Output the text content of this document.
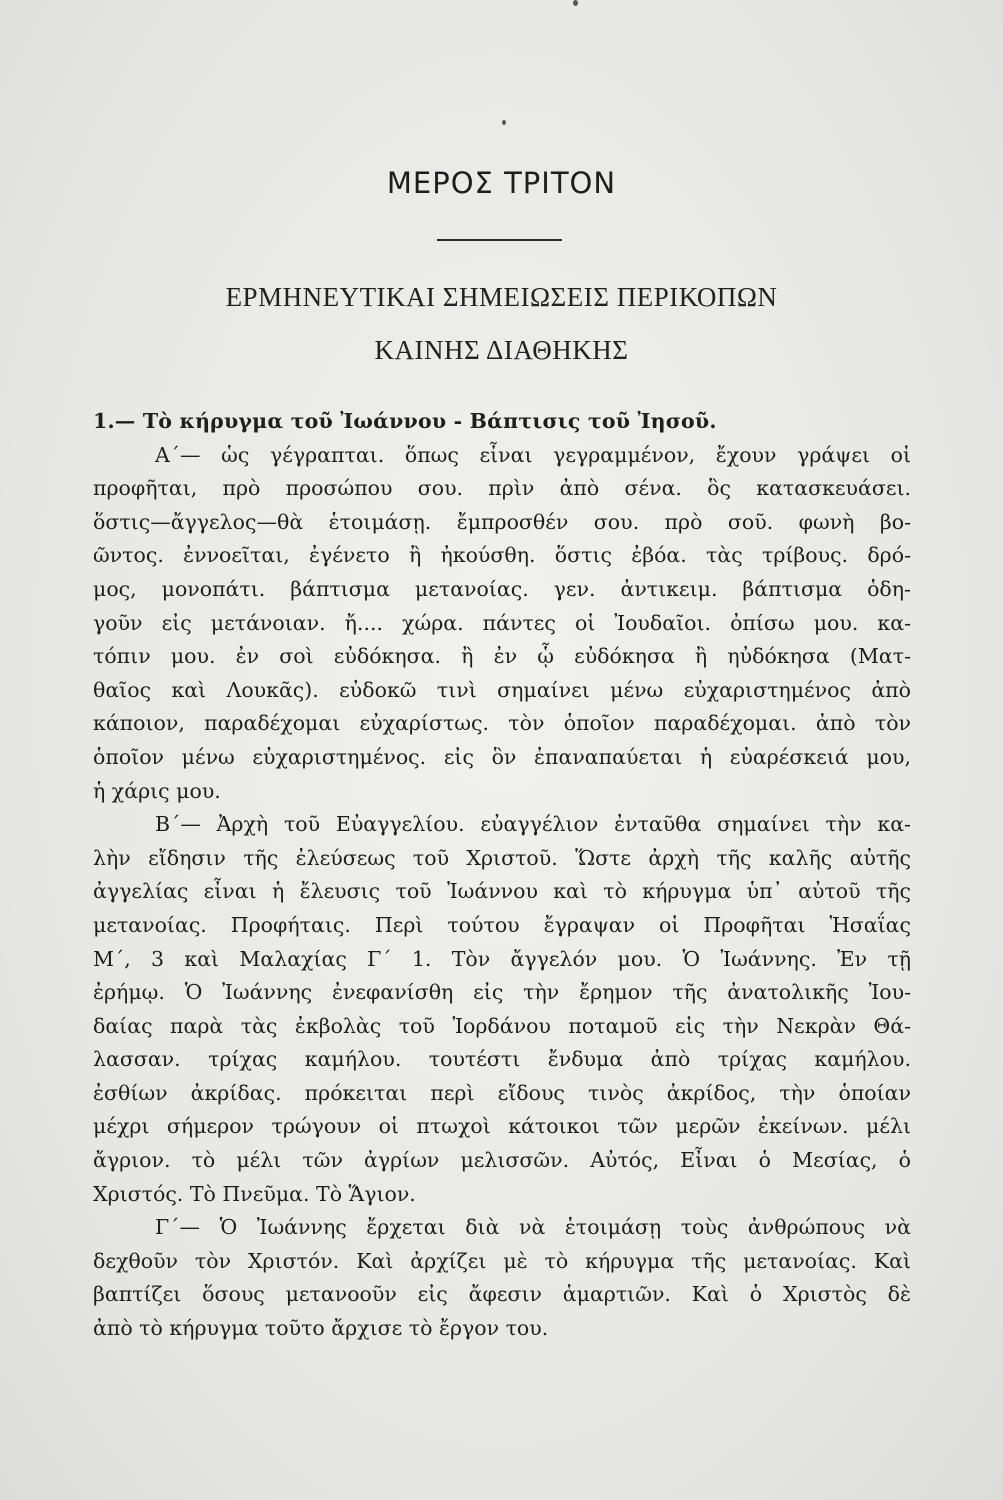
ΜΕΡΟΣ ΤΡΙΤΟΝ
ΕΡΜΗΝΕΥΤΙΚΑΙ ΣΗΜΕΙΩΣΕΙΣ ΠΕΡΙΚΟΠΩΝ
ΚΑΙΝΗΣ ΔΙΑΘΗΚΗΣ
1.— Τὸ κήρυγμα τοῦ Ἰωάννου - Βάπτισις τοῦ Ἰησοῦ.
Α΄— ὡς γέγραπται. ὅπως εἶναι γεγραμμένον, ἔχουν γράψει οἱ
προφῆται, πρὸ προσώπου σου. πρὶν ἀπὸ σένα. ὃς κατασκευάσει.
ὅστις—ἄγγελος—θὰ ἑτοιμάσῃ. ἔμπροσθέν σου. πρὸ σοῦ. φωνὴ βο-
ῶντος. ἐννοεῖται, ἐγένετο ἢ ἠκούσθη. ὅστις ἐβόα. τὰς τρίβους. δρό-
μος, μονοπάτι. βάπτισμα μετανοίας. γεν. ἀντικειμ. βάπτισμα ὁδη-
γοῦν εἰς μετάνοιαν. ἤ.... χώρα. πάντες οἱ Ἰουδαῖοι. ὀπίσω μου. κα-
τόπιν μου. ἐν σοὶ εὐδόκησα. ἢ ἐν ᾧ εὐδόκησα ἢ ηὐδόκησα (Ματ-
θαῖος καὶ Λουκᾶς). εὐδοκῶ τινὶ σημαίνει μένω εὐχαριστημένος ἀπὸ
κάποιον, παραδέχομαι εὐχαρίστως. τὸν ὁποῖον παραδέχομαι. ἀπὸ τὸν
ὁποῖον μένω εὐχαριστημένος. εἰς ὃν ἐπαναπαύεται ἡ εὐαρέσκειά μου,
ἡ χάρις μου.
Β΄— Ἀρχὴ τοῦ Εὐαγγελίου. εὐαγγέλιον ἐνταῦθα σημαίνει τὴν κα-
λὴν εἴδησιν τῆς ἐλεύσεως τοῦ Χριστοῦ. Ὥστε ἀρχὴ τῆς καλῆς αὐτῆς
ἀγγελίας εἶναι ἡ ἔλευσις τοῦ Ἰωάννου καὶ τὸ κήρυγμα ὑπ᾽ αὐτοῦ τῆς
μετανοίας. Προφήταις. Περὶ τούτου ἔγραψαν οἱ Προφῆται Ἡσαΐας
Μ΄, 3 καὶ Μαλαχίας Γ΄ 1. Τὸν ἄγγελόν μου. Ὁ Ἰωάννης. Ἐν τῇ
ἐρήμῳ. Ὁ Ἰωάννης ἐνεφανίσθη εἰς τὴν ἔρημον τῆς ἀνατολικῆς Ἰου-
δαίας παρὰ τὰς ἐκβολὰς τοῦ Ἰορδάνου ποταμοῦ εἰς τὴν Νεκρὰν Θά-
λασσαν. τρίχας καμήλου. τουτέστι ἔνδυμα ἀπὸ τρίχας καμήλου.
ἐσθίων ἀκρίδας. πρόκειται περὶ εἴδους τινὸς ἀκρίδος, τὴν ὁποίαν
μέχρι σήμερον τρώγουν οἱ πτωχοὶ κάτοικοι τῶν μερῶν ἐκείνων. μέλι
ἄγριον. τὸ μέλι τῶν ἀγρίων μελισσῶν. Αὐτός, Εἶναι ὁ Μεσίας, ὁ
Χριστός. Τὸ Πνεῦμα. Τὸ Ἅγιον.
Γ΄— Ὁ Ἰωάννης ἔρχεται διὰ νὰ ἑτοιμάσῃ τοὺς ἀνθρώπους νὰ
δεχθοῦν τὸν Χριστόν. Καὶ ἀρχίζει μὲ τὸ κήρυγμα τῆς μετανοίας. Καὶ
βαπτίζει ὅσους μετανοοῦν εἰς ἄφεσιν ἁμαρτιῶν. Καὶ ὁ Χριστὸς δὲ
ἀπὸ τὸ κήρυγμα τοῦτο ἄρχισε τὸ ἔργον του.
